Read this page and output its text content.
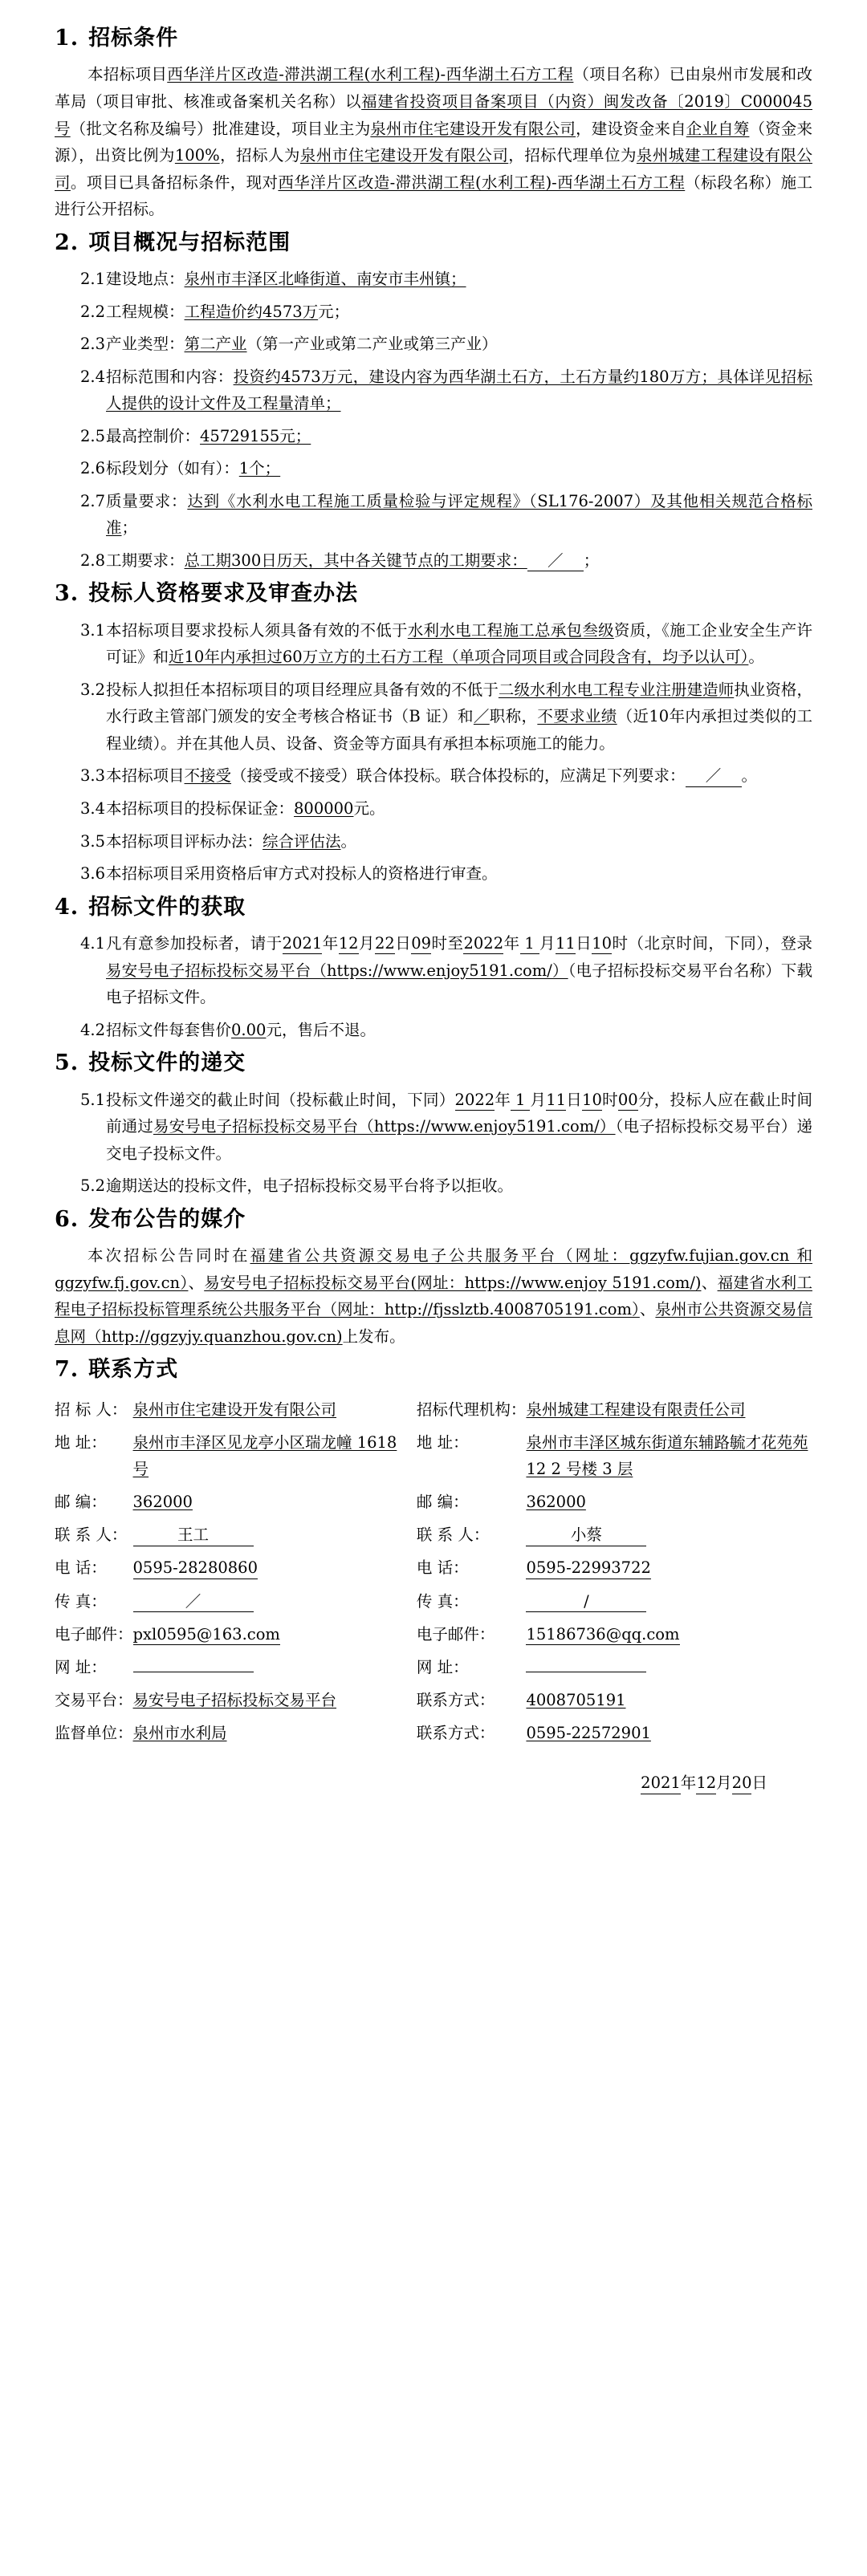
1. 招标条件

本招标项目西华洋片区改造-滞洪湖工程(水利工程)-西华湖土石方工程（项目名称）已由泉州市发展和改革局（项目审批、核准或备案机关名称）以福建省投资项目备案项目（内资）闽发改备〔2019〕C000045 号（批文名称及编号）批准建设，项目业主为泉州市住宅建设开发有限公司，建设资金来自企业自筹（资金来源），出资比例为100%，招标人为泉州市住宅建设开发有限公司，招标代理单位为泉州城建工程建设有限公司。项目已具备招标条件，现对西华洋片区改造-滞洪湖工程(水利工程)-西华湖土石方工程（标段名称）施工进行公开招标。

2. 项目概况与招标范围
2.1 建设地点：泉州市丰泽区北峰街道、南安市丰州镇；
2.2 工程规模：工程造价约4573万元；
2.3 产业类型：第二产业（第一产业或第二产业或第三产业）
2.4 招标范围和内容：投资约4573万元，建设内容为西华湖土石方，土石方量约180万方；具体详见招标人提供的设计文件及工程量清单；
2.5 最高控制价：45729155元；
2.6 标段划分（如有）：1个；
2.7 质量要求：达到《水利水电工程施工质量检验与评定规程》（SL176-2007）及其他相关规范合格标准；
2.8 工期要求：总工期300日历天，其中各关键节点的工期要求： ／ ；
3. 投标人资格要求及审查办法
3.1 本招标项目要求投标人须具备有效的不低于水利水电工程施工总承包叁级资质，《施工企业安全生产许可证》和近10年内承担过60万立方的土石方工程（单项合同项目或合同段含有，均予以认可）。
3.2 投标人拟担任本招标项目的项目经理应具备有效的不低于二级水利水电工程专业注册建造师执业资格，水行政主管部门颁发的安全考核合格证书（B 证）和／职称，不要求业绩（近10年内承担过类似的工程业绩）。并在其他人员、设备、资金等方面具有承担本标项施工的能力。
3.3 本招标项目不接受（接受或不接受）联合体投标。联合体投标的，应满足下列要求： ／ 。
3.4 本招标项目的投标保证金：800000元。
3.5 本招标项目评标办法：综合评估法。
3.6 本招标项目采用资格后审方式对投标人的资格进行审查。
4. 招标文件的获取
4.1 凡有意参加投标者，请于2021年12月22日09时至2022年 1 月11日10时（北京时间，下同），登录易安号电子招标投标交易平台（https://www.enjoy5191.com/）（电子招标投标交易平台名称）下载电子招标文件。
4.2 招标文件每套售价0.00元，售后不退。
5. 投标文件的递交
5.1 投标文件递交的截止时间（投标截止时间，下同）2022年 1 月11日10时00分，投标人应在截止时间前通过易安号电子招标投标交易平台（https://www.enjoy5191.com/）（电子招标投标交易平台）递交电子投标文件。
5.2 逾期送达的投标文件，电子招标投标交易平台将予以拒收。
6. 发布公告的媒介

本次招标公告同时在福建省公共资源交易电子公共服务平台（网址：ggzyfw.fujian.gov.cn 和 ggzyfw.fj.gov.cn）、易安号电子招标投标交易平台(网址：https://www.enjoy 5191.com/)、福建省水利工程电子招标投标管理系统公共服务平台（网址：http://fjsslztb.4008705191.com）、泉州市公共资源交易信息网（http://ggzyjy.quanzhou.gov.cn)上发布。

7. 联系方式
招 标 人：	泉州市住宅建设开发有限公司	招标代理机构：	泉州城建工程建设有限责任公司
地 址：	泉州市丰泽区见龙亭小区瑞龙幢 1618 号	地 址：	泉州市丰泽区城东街道东辅路毓才花苑苑 12 2 号楼 3 层
邮 编：	362000	邮 编：	362000
联 系 人：	王工	联 系 人：	小蔡
电 话：	0595-28280860	电 话：	0595-22993722
传 真：	／	传 真：	/
电子邮件：	pxl0595@163.com	电子邮件：	15186736@qq.com
网 址：		网 址：	
交易平台：	易安号电子招标投标交易平台	联系方式：	4008705191
监督单位：	泉州市水利局	联系方式：	0595-22572901
2021年12月20日
